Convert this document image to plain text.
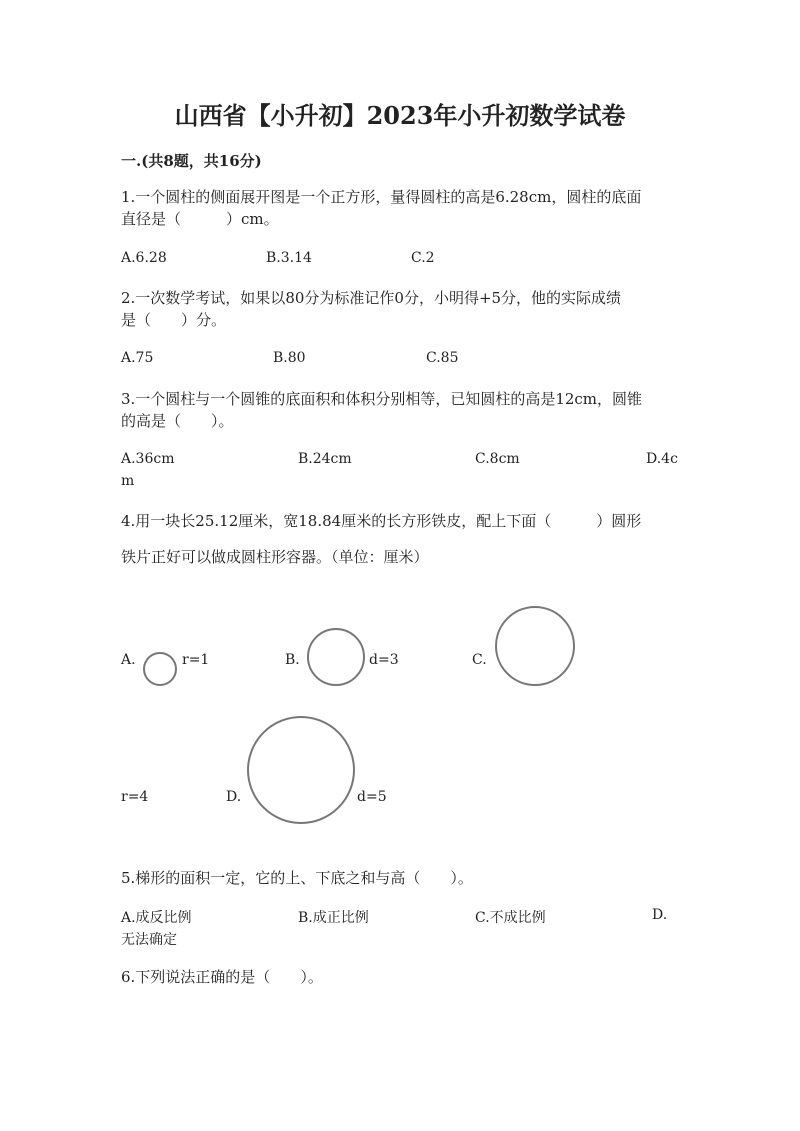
山西省【小升初】2023年小升初数学试卷
一.(共8题，共16分)
1.一个圆柱的侧面展开图是一个正方形，量得圆柱的高是6.28cm，圆柱的底面
直径是（　　　）cm。
A.6.28	B.3.14	C.2
2.一次数学考试，如果以80分为标准记作0分，小明得+5分，他的实际成绩
是（　　）分。
A.75	B.80	C.85
3.一个圆柱与一个圆锥的底面积和体积分别相等，已知圆柱的高是12cm，圆锥
的高是（　　）。
A.36cm	B.24cm	C.8cm	D.4c
m
4.用一块长25.12厘米，宽18.84厘米的长方形铁皮，配上下面（　　　）圆形
铁片正好可以做成圆柱形容器。（单位：厘米）
A.	r=1	B.	d=3	C.
r=4	D.	d=5
5.梯形的面积一定，它的上、下底之和与高（　　）。
A.成反比例	B.成正比例	C.不成比例	D.
无法确定
6.下列说法正确的是（　　）。
